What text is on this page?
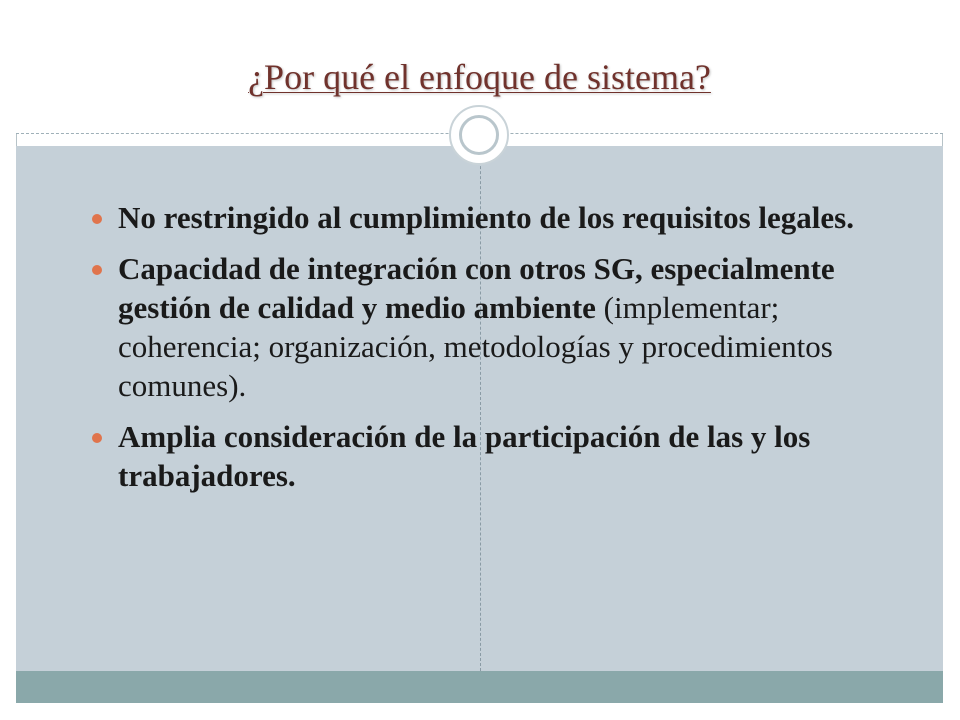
¿Por qué el enfoque de sistema?
No restringido al cumplimiento de los requisitos legales.
Capacidad de integración con otros SG, especialmente gestión de calidad y medio ambiente (implementar; coherencia; organización, metodologías y procedimientos comunes).
Amplia consideración de la participación de las y los trabajadores.
